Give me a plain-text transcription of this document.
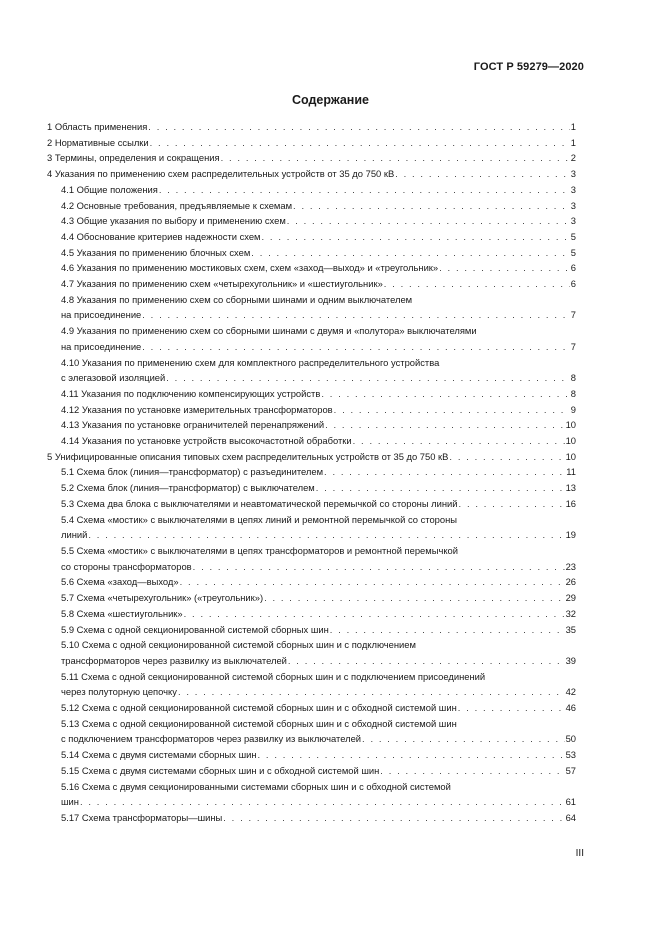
ГОСТ Р 59279—2020
Содержание
1 Область применения . . .	1
2 Нормативные ссылки . . .	1
3 Термины, определения и сокращения . . .	2
4 Указания по применению схем распределительных устройств от 35 до 750 кВ . . .	3
4.1 Общие положения . . .	3
4.2 Основные требования, предъявляемые к схемам . . .	3
4.3 Общие указания по выбору и применению схем . . .	3
4.4 Обоснование критериев надежности схем . . .	5
4.5 Указания по применению блочных схем . . .	5
4.6 Указания по применению мостиковых схем, схем «заход—выход» и «треугольник» . . .	6
4.7 Указания по применению схем «четырехугольник» и «шестиугольник» . . .	6
4.8 Указания по применению схем со сборными шинами и одним выключателем
на присоединение . . .	7
4.9 Указания по применению схем со сборными шинами с двумя и «полутора» выключателями
на присоединение . . .	7
4.10 Указания по применению схем для комплектного распределительного устройства
с элегазовой изоляцией . . .	8
4.11 Указания по подключению компенсирующих устройств . . .	8
4.12 Указания по установке измерительных трансформаторов . . .	9
4.13 Указания по установке ограничителей перенапряжений . . .	10
4.14 Указания по установке устройств высокочастотной обработки . . .	10
5 Унифицированные описания типовых схем распределительных устройств от 35 до 750 кВ . . .	10
5.1 Схема блок (линия—трансформатор) с разъединителем . . .	11
5.2 Схема блок (линия—трансформатор) с выключателем . . .	13
5.3 Схема два блока с выключателями и неавтоматической перемычкой со стороны линий . . .	16
5.4 Схема «мостик» с выключателями в цепях линий и ремонтной перемычкой со стороны
линий . . .	19
5.5 Схема «мостик» с выключателями в цепях трансформаторов и ремонтной перемычкой
со стороны трансформаторов . . .	23
5.6 Схема «заход—выход» . . .	26
5.7 Схема «четырехугольник» («треугольник») . . .	29
5.8 Схема «шестиугольник» . . .	32
5.9 Схема с одной секционированной системой сборных шин . . .	35
5.10 Схема с одной секционированной системой сборных шин и с подключением
трансформаторов через развилку из выключателей . . .	39
5.11 Схема с одной секционированной системой сборных шин и с подключением присоединений
через полуторную цепочку . . .	42
5.12 Схема с одной секционированной системой сборных шин и с обходной системой шин . . .	46
5.13 Схема с одной секционированной системой сборных шин и с обходной системой шин
с подключением трансформаторов через развилку из выключателей . . .	50
5.14 Схема с двумя системами сборных шин . . .	53
5.15 Схема с двумя системами сборных шин и с обходной системой шин . . .	57
5.16 Схема с двумя секционированными системами сборных шин и с обходной системой
шин . . .	61
5.17 Схема трансформаторы—шины . . .	64
III
